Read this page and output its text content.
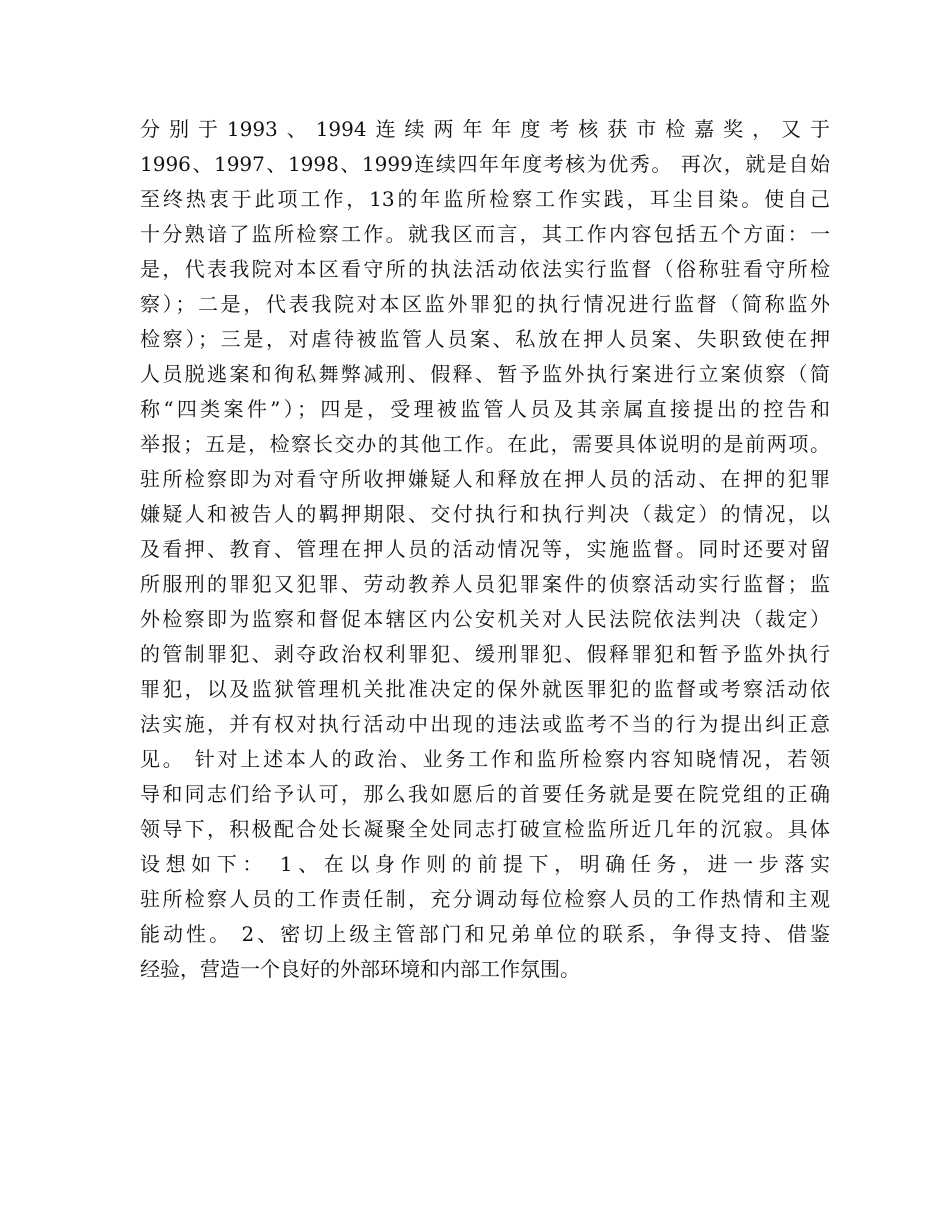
分别于1993、1994连续两年年度考核获市检嘉奖，又于
1996、1997、1998、1999连续四年年度考核为优秀。 再次，就是自始
至终热衷于此项工作，13的年监所检察工作实践，耳尘目染。使自己
十分熟谙了监所检察工作。就我区而言，其工作内容包括五个方面：一
是，代表我院对本区看守所的执法活动依法实行监督（俗称驻看守所检
察）；二是，代表我院对本区监外罪犯的执行情况进行监督（简称监外
检察）；三是，对虐待被监管人员案、私放在押人员案、失职致使在押
人员脱逃案和徇私舞弊减刑、假释、暂予监外执行案进行立案侦察（简
称“四类案件”）；四是，受理被监管人员及其亲属直接提出的控告和
举报；五是，检察长交办的其他工作。在此，需要具体说明的是前两项。
驻所检察即为对看守所收押嫌疑人和释放在押人员的活动、在押的犯罪
嫌疑人和被告人的羁押期限、交付执行和执行判决（裁定）的情况，以
及看押、教育、管理在押人员的活动情况等，实施监督。同时还要对留
所服刑的罪犯又犯罪、劳动教养人员犯罪案件的侦察活动实行监督；监
外检察即为监察和督促本辖区内公安机关对人民法院依法判决（裁定）
的管制罪犯、剥夺政治权利罪犯、缓刑罪犯、假释罪犯和暂予监外执行
罪犯，以及监狱管理机关批准决定的保外就医罪犯的监督或考察活动依
法实施，并有权对执行活动中出现的违法或监考不当的行为提出纠正意
见。 针对上述本人的政治、业务工作和监所检察内容知晓情况，若领
导和同志们给予认可，那么我如愿后的首要任务就是要在院党组的正确
领导下，积极配合处长凝聚全处同志打破宣检监所近几年的沉寂。具体
设想如下： 1、在以身作则的前提下，明确任务，进一步落实
驻所检察人员的工作责任制，充分调动每位检察人员的工作热情和主观
能动性。 2、密切上级主管部门和兄弟单位的联系，争得支持、借鉴
经验，营造一个良好的外部环境和内部工作氛围。
